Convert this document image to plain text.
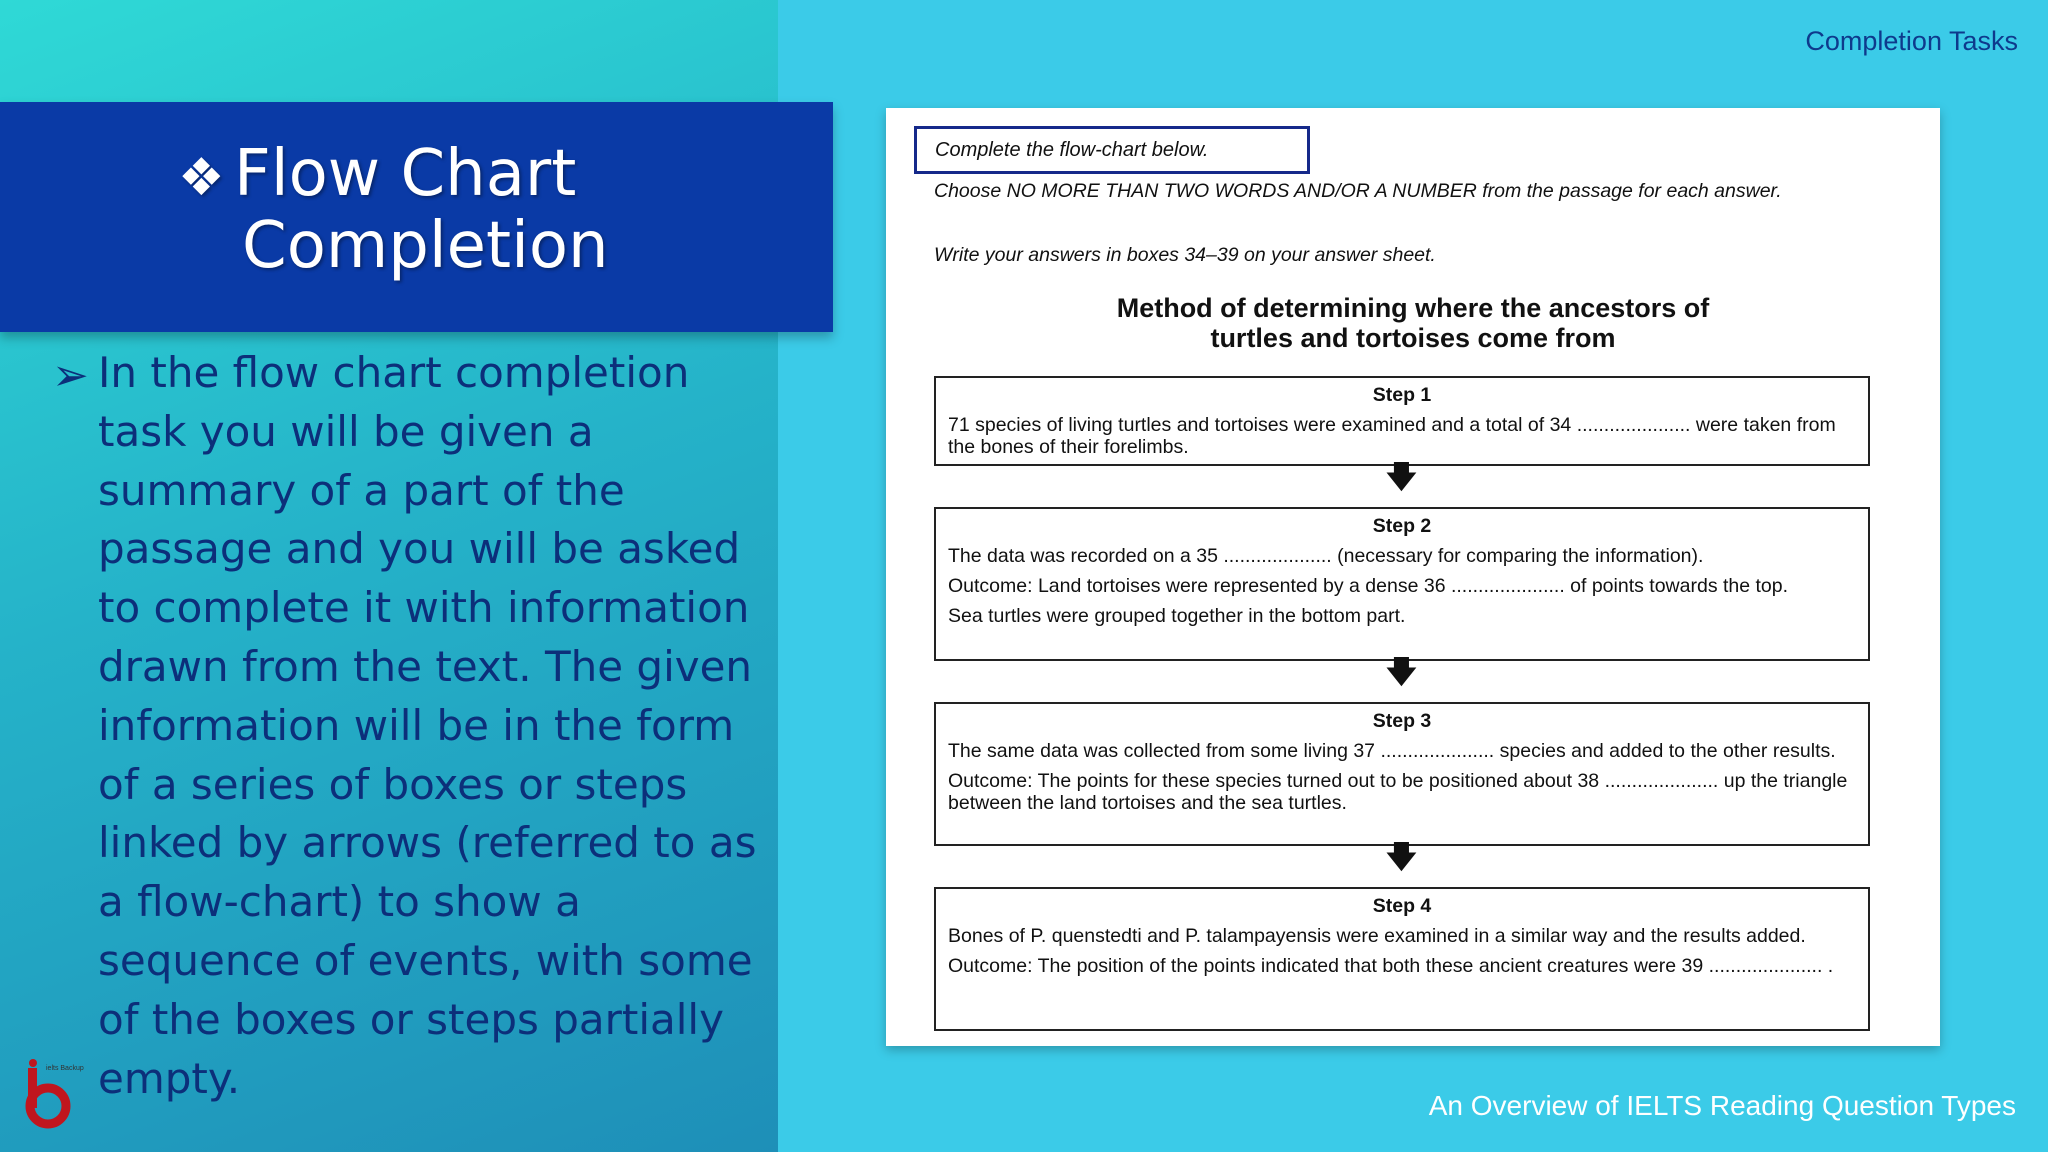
Completion Tasks
❖ Flow Chart
Completion
➢ In the flow chart completion task you will be given a summary of a part of the passage and you will be asked to complete it with information drawn from the text. The given information will be in the form of a series of boxes or steps linked by arrows (referred to as a flow-chart) to show a sequence of events, with some of the boxes or steps partially empty.
ielts Backup
An Overview of IELTS Reading Question Types
Complete the flow-chart below.
Choose NO MORE THAN TWO WORDS AND/OR A NUMBER from the passage for each answer.
Write your answers in boxes 34–39 on your answer sheet.
Method of determining where the ancestors of
turtles and tortoises come from
Step 1

71 species of living turtles and tortoises were examined and a total of 34 ..................... were taken from the bones of their forelimbs.

🡇
Step 2

The data was recorded on a 35 .................... (necessary for comparing the information).

Outcome: Land tortoises were represented by a dense 36 ..................... of points towards the top.

Sea turtles were grouped together in the bottom part.

🡇
Step 3

The same data was collected from some living 37 ..................... species and added to the other results.

Outcome: The points for these species turned out to be positioned about 38 ..................... up the triangle between the land tortoises and the sea turtles.

🡇
Step 4

Bones of P. quenstedti and P. talampayensis were examined in a similar way and the results added.

Outcome: The position of the points indicated that both these ancient creatures were 39 ..................... .
